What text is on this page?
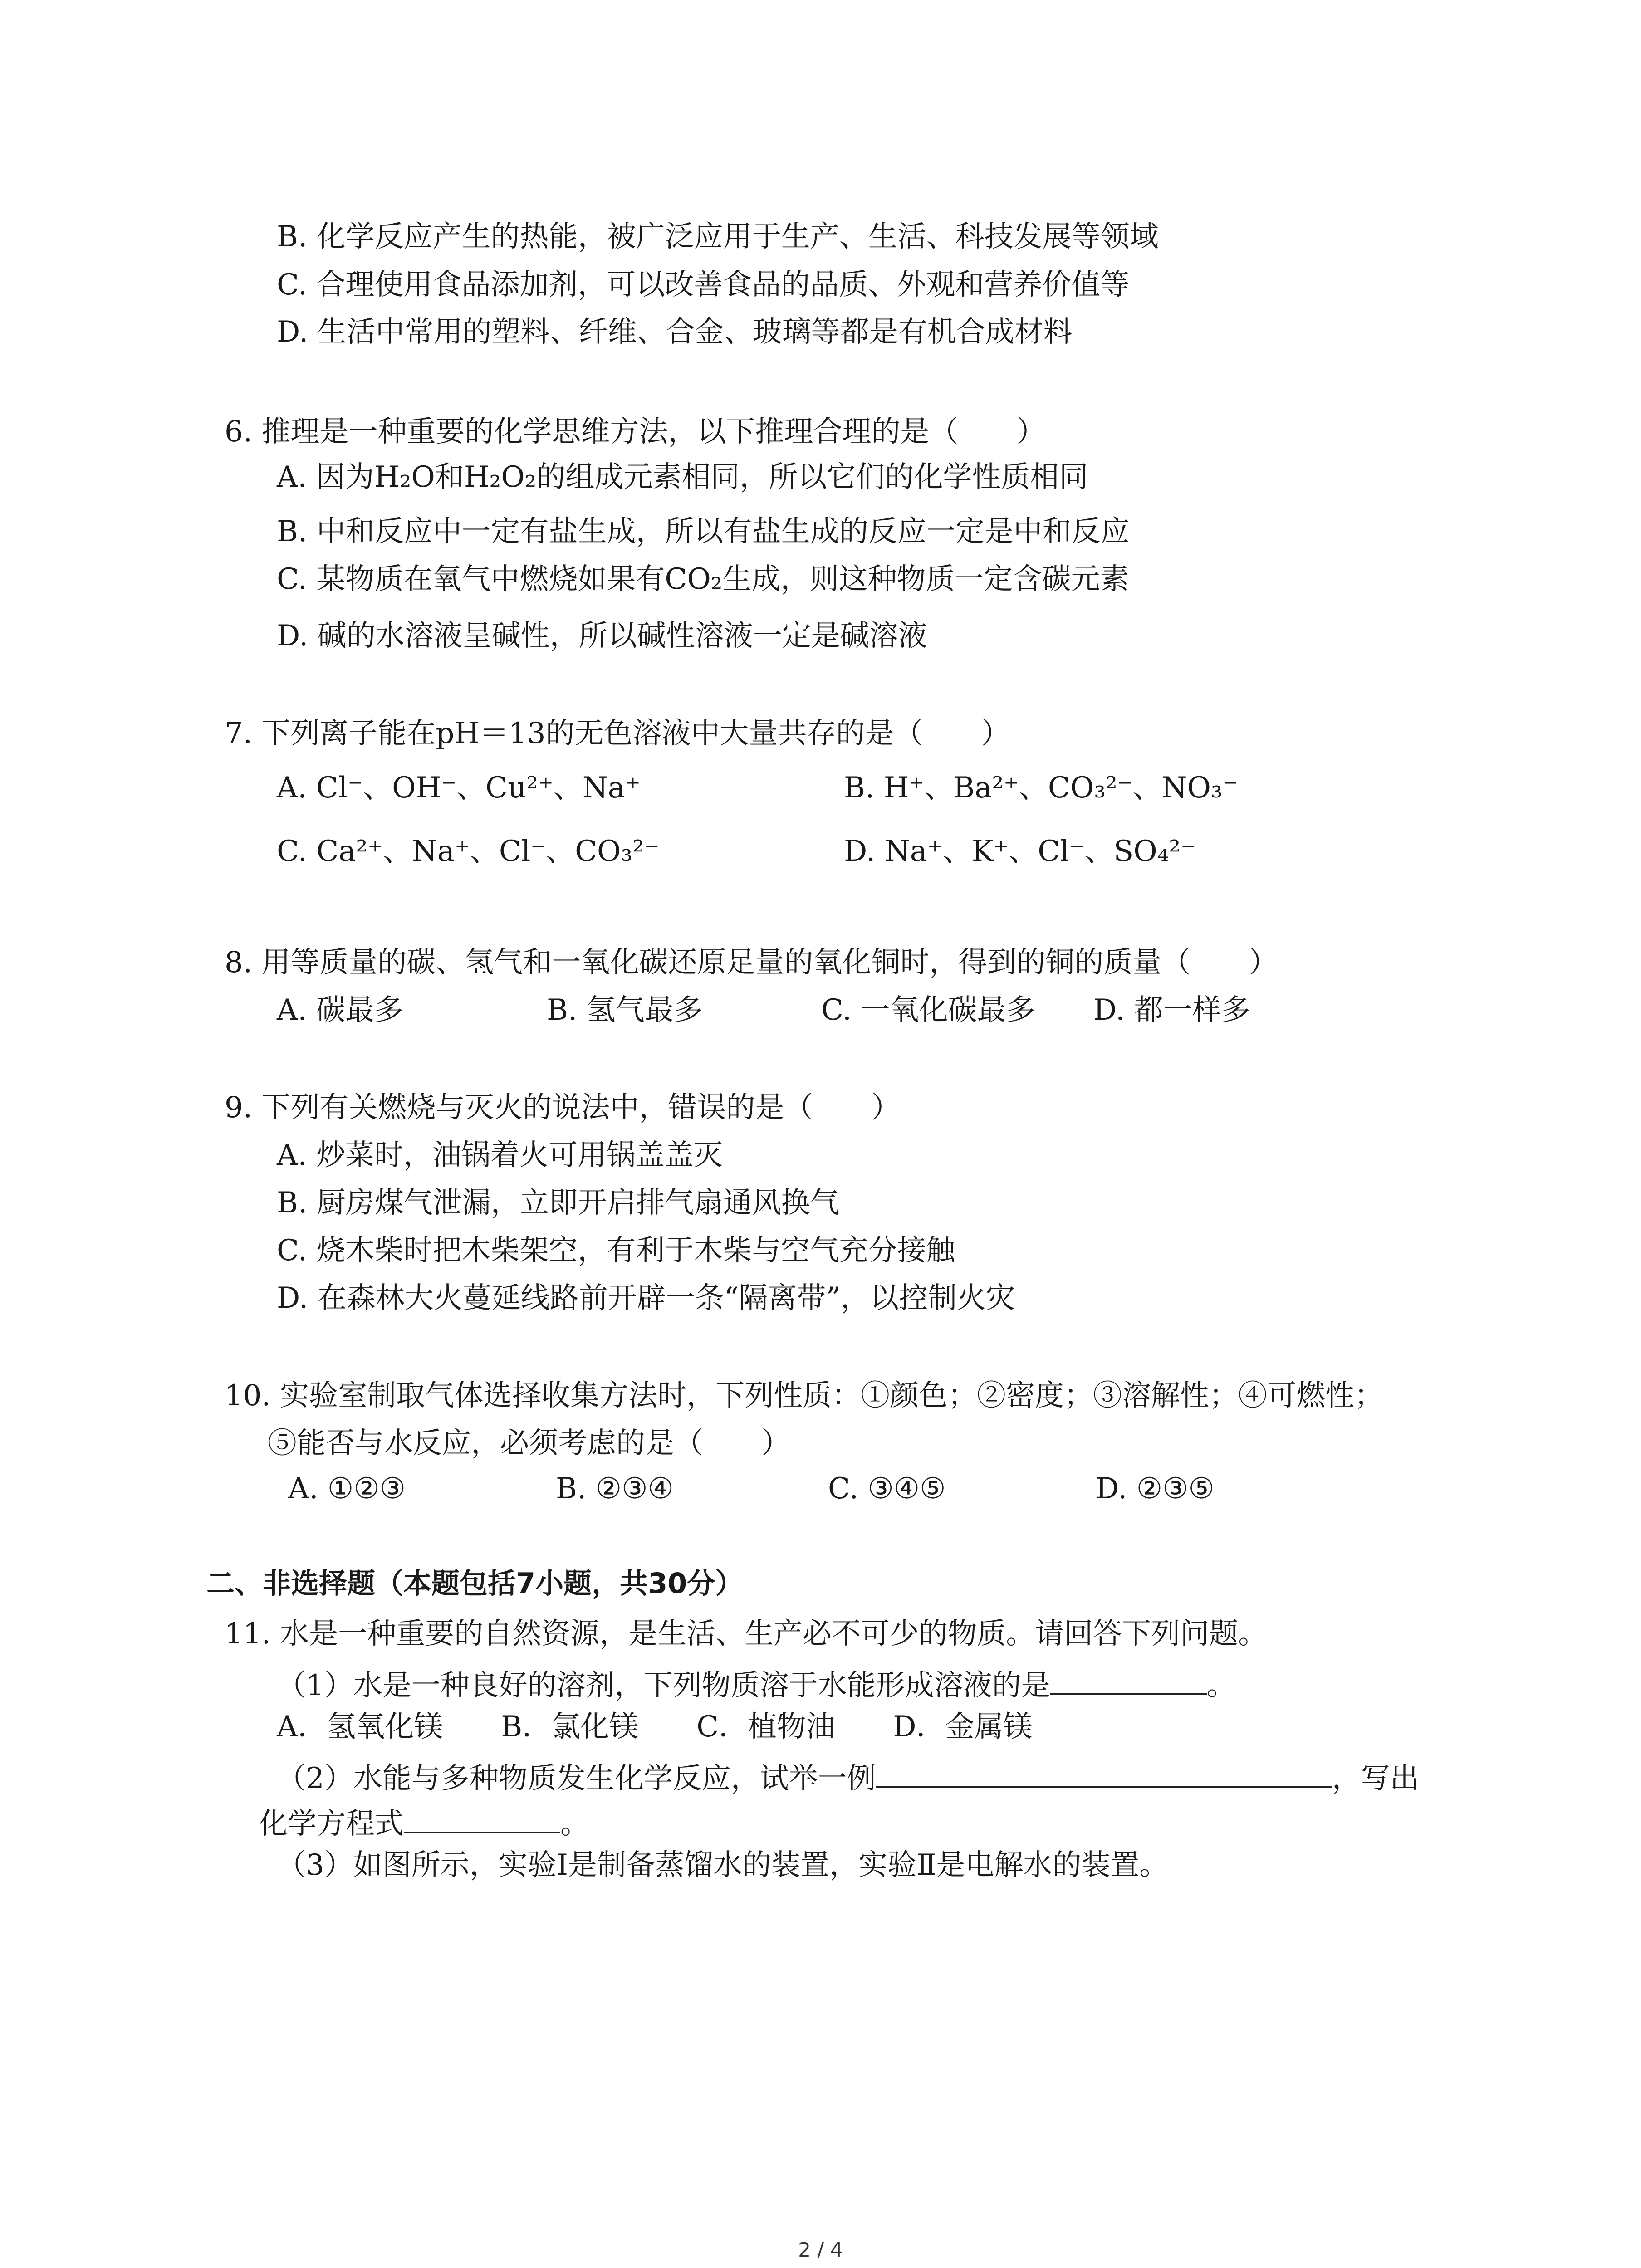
B. 化学反应产生的热能，被广泛应用于生产、生活、科技发展等领域
C. 合理使用食品添加剂，可以改善食品的品质、外观和营养价值等
D. 生活中常用的塑料、纤维、合金、玻璃等都是有机合成材料
6. 推理是一种重要的化学思维方法，以下推理合理的是（　　）
A. 因为H₂O和H₂O₂的组成元素相同，所以它们的化学性质相同
B. 中和反应中一定有盐生成，所以有盐生成的反应一定是中和反应
C. 某物质在氧气中燃烧如果有CO₂生成，则这种物质一定含碳元素
D. 碱的水溶液呈碱性，所以碱性溶液一定是碱溶液
7. 下列离子能在pH＝13的无色溶液中大量共存的是（　　）
A. Cl⁻、OH⁻、Cu²⁺、Na⁺	B. H⁺、Ba²⁺、CO₃²⁻、NO₃⁻
C. Ca²⁺、Na⁺、Cl⁻、CO₃²⁻	D. Na⁺、K⁺、Cl⁻、SO₄²⁻
8. 用等质量的碳、氢气和一氧化碳还原足量的氧化铜时，得到的铜的质量（　　）
A. 碳最多	B. 氢气最多	C. 一氧化碳最多 D. 都一样多
9. 下列有关燃烧与灭火的说法中，错误的是（　　）
A. 炒菜时，油锅着火可用锅盖盖灭
B. 厨房煤气泄漏，立即开启排气扇通风换气
C. 烧木柴时把木柴架空，有利于木柴与空气充分接触
D. 在森林大火蔓延线路前开辟一条“隔离带”，以控制火灾
10. 实验室制取气体选择收集方法时，下列性质：①颜色；②密度；③溶解性；④可燃性；
⑤能否与水反应，必须考虑的是（　　）
A. ①②③	B. ②③④	C. ③④⑤	D. ②③⑤
二、非选择题（本题包括7小题，共30分）
11. 水是一种重要的自然资源，是生活、生产必不可少的物质。请回答下列问题。
（1）水是一种良好的溶剂，下列物质溶于水能形成溶液的是	。
A．氢氧化镁　　B．氯化镁　　C．植物油　　D．金属镁
（2）水能与多种物质发生化学反应，试举一例	，写出
化学方程式	。
（3）如图所示，实验Ⅰ是制备蒸馏水的装置，实验Ⅱ是电解水的装置。
2 / 4
